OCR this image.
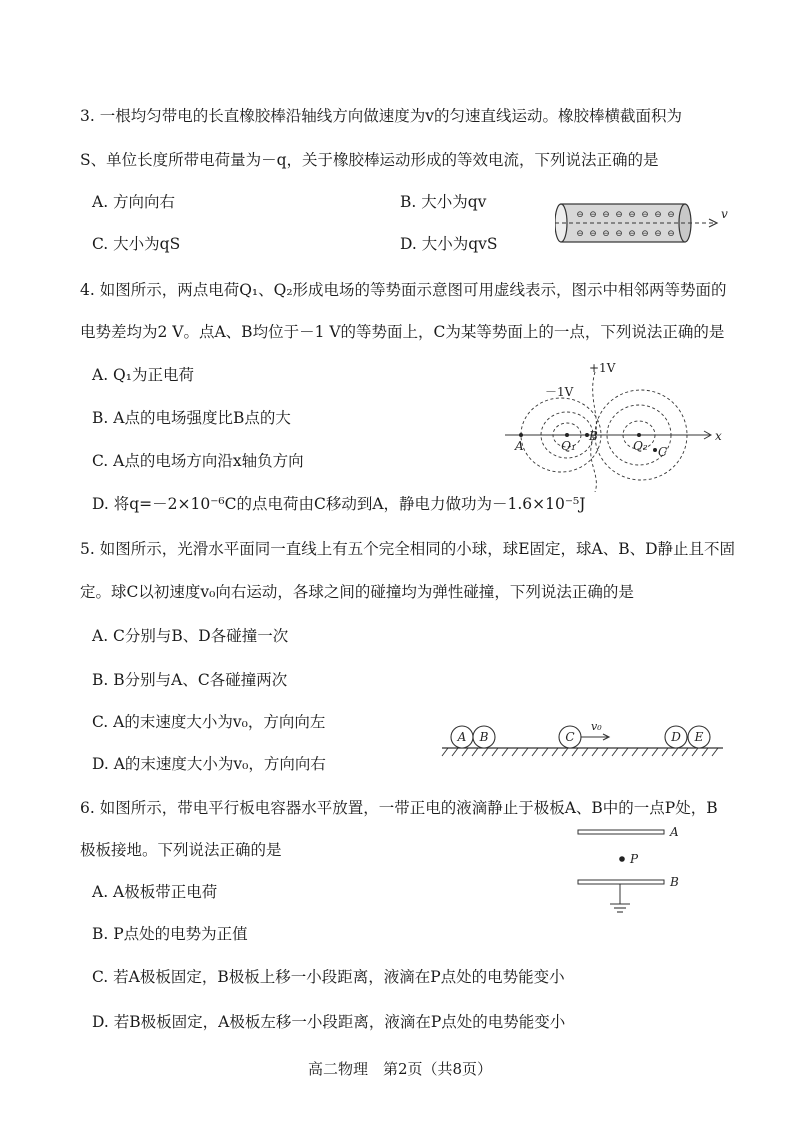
3. 一根均匀带电的长直橡胶棒沿轴线方向做速度为v的匀速直线运动。橡胶棒横截面积为
S、单位长度所带电荷量为－q，关于橡胶棒运动形成的等效电流，下列说法正确的是
A. 方向向右	B. 大小为qv
C. 大小为qS	D. 大小为qvS
⊖ ⊖ ⊖ ⊖ ⊖ ⊖ ⊖ ⊖
⊖ ⊖ ⊖ ⊖ ⊖ ⊖ ⊖ ⊖
v
4. 如图所示，两点电荷Q₁、Q₂形成电场的等势面示意图可用虚线表示，图示中相邻两等势面的
电势差均为2 V。点A、B均位于－1 V的等势面上，C为某等势面上的一点，下列说法正确的是
A. Q₁为正电荷
B. A点的电场强度比B点的大
C. A点的电场方向沿x轴负方向
D. 将q=－2×10⁻⁶C的点电荷由C移动到A，静电力做功为－1.6×10⁻⁵J
+1V
－1V
A	Q₁
B
Q₂ C
x
5. 如图所示，光滑水平面同一直线上有五个完全相同的小球，球E固定，球A、B、D静止且不固
定。球C以初速度v₀向右运动，各球之间的碰撞均为弹性碰撞，下列说法正确的是
A. C分别与B、D各碰撞一次
B. B分别与A、C各碰撞两次
C. A的末速度大小为v₀，方向向左
D. A的末速度大小为v₀，方向向右
A B	C	D E
v₀
6. 如图所示，带电平行板电容器水平放置，一带正电的液滴静止于极板A、B中的一点P处，B
极板接地。下列说法正确的是
A. A极板带正电荷
B. P点处的电势为正值
C. 若A极板固定，B极板上移一小段距离，液滴在P点处的电势能变小
D. 若B极板固定，A极板左移一小段距离，液滴在P点处的电势能变小
A
P
B
高二物理　第2页（共8页）
